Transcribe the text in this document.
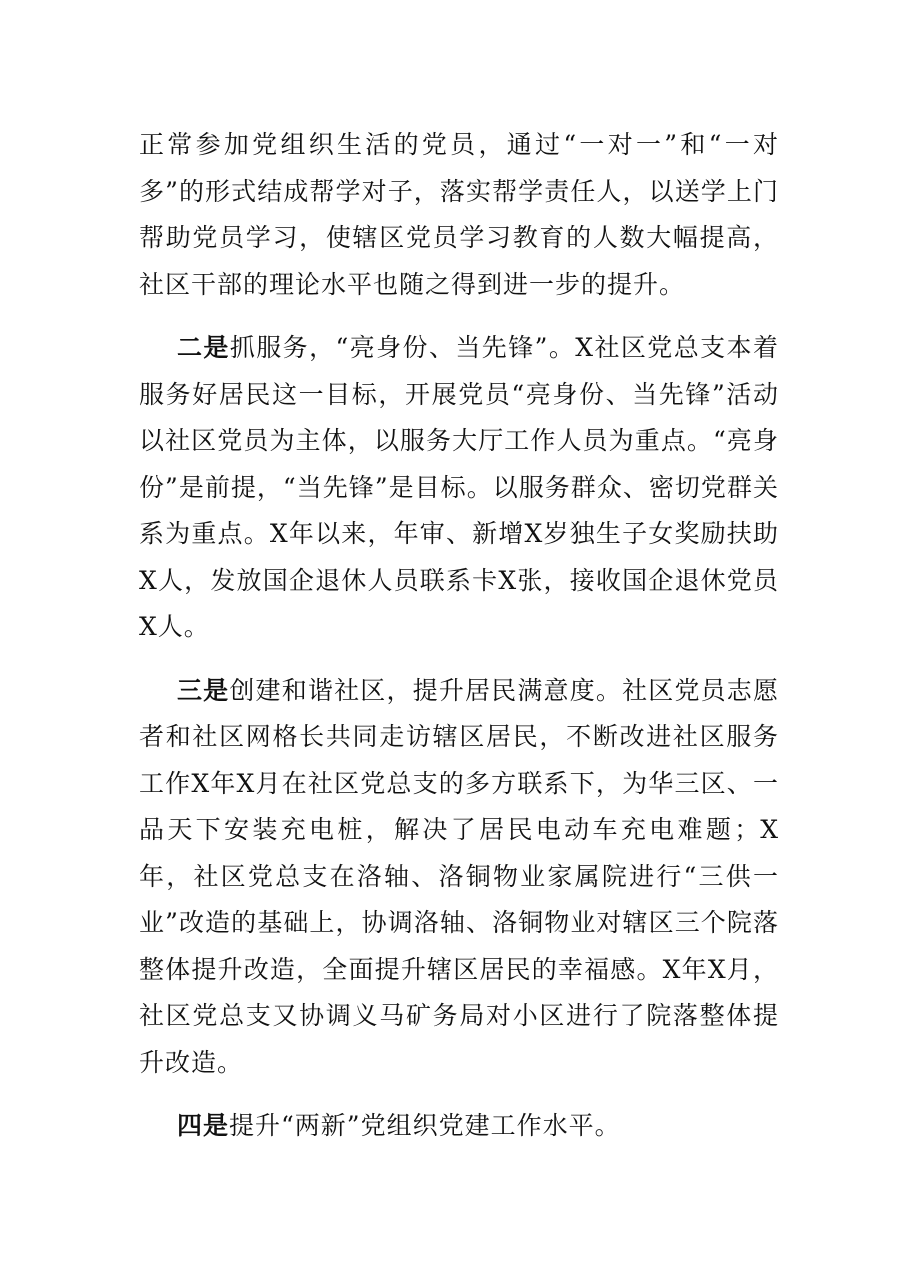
正常参加党组织生活的党员，通过“一对一”和“一对多”的形式结成帮学对子，落实帮学责任人，以送学上门帮助党员学习，使辖区党员学习教育的人数大幅提高，社区干部的理论水平也随之得到进一步的提升。

二是抓服务，“亮身份、当先锋”。X社区党总支本着服务好居民这一目标，开展党员“亮身份、当先锋”活动以社区党员为主体，以服务大厅工作人员为重点。“亮身份”是前提，“当先锋”是目标。以服务群众、密切党群关系为重点。X年以来，年审、新增X岁独生子女奖励扶助X人，发放国企退休人员联系卡X张，接收国企退休党员X人。

三是创建和谐社区，提升居民满意度。社区党员志愿者和社区网格长共同走访辖区居民，不断改进社区服务工作X年X月在社区党总支的多方联系下，为华三区、一品天下安装充电桩，解决了居民电动车充电难题；X年，社区党总支在洛轴、洛铜物业家属院进行“三供一业”改造的基础上，协调洛轴、洛铜物业对辖区三个院落整体提升改造，全面提升辖区居民的幸福感。X年X月，社区党总支又协调义马矿务局对小区进行了院落整体提升改造。

四是提升“两新”党组织党建工作水平。
